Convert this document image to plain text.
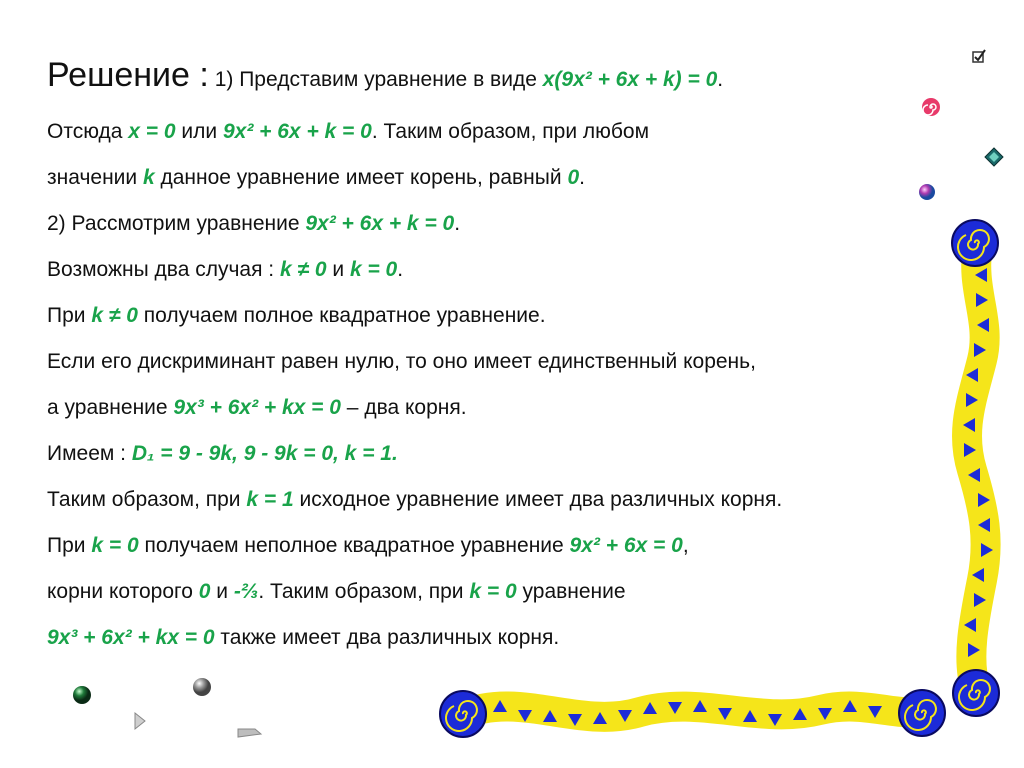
Решение : 1) Представим уравнение в виде x(9x² + 6x + k) = 0.
Отсюда x = 0 или 9x² + 6x + k = 0. Таким образом, при любом
значении k данное уравнение имеет корень, равный 0.
2) Рассмотрим уравнение 9x² + 6x + k = 0.
Возможны два случая : k ≠ 0 и k = 0.
При k ≠ 0 получаем полное квадратное уравнение.
Если его дискриминант равен нулю, то оно имеет единственный корень,
а уравнение 9x³ + 6x² + kx = 0 – два корня.
Имеем : D₁ = 9 - 9k, 9 - 9k = 0, k = 1.
Таким образом, при k = 1 исходное уравнение имеет два различных корня.
При k = 0 получаем неполное квадратное уравнение 9x² + 6x = 0,
корни которого 0 и -⅔. Таким образом, при k = 0 уравнение
9x³ + 6x² + kx = 0 также имеет два различных корня.
